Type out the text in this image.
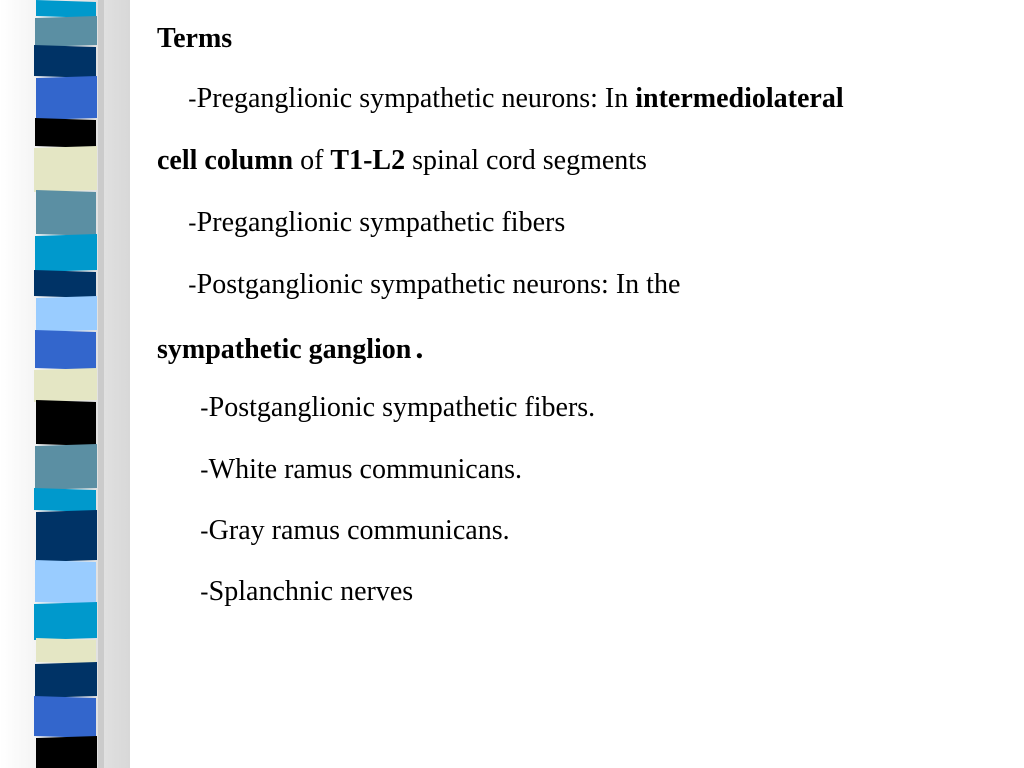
Terms
-Preganglionic sympathetic neurons: In intermediolateral
cell column of T1-L2 spinal cord segments
-Preganglionic sympathetic fibers
-Postganglionic sympathetic neurons: In the
sympathetic ganglion .
-Postganglionic sympathetic fibers.
-White ramus communicans.
-Gray ramus communicans.
-Splanchnic nerves
